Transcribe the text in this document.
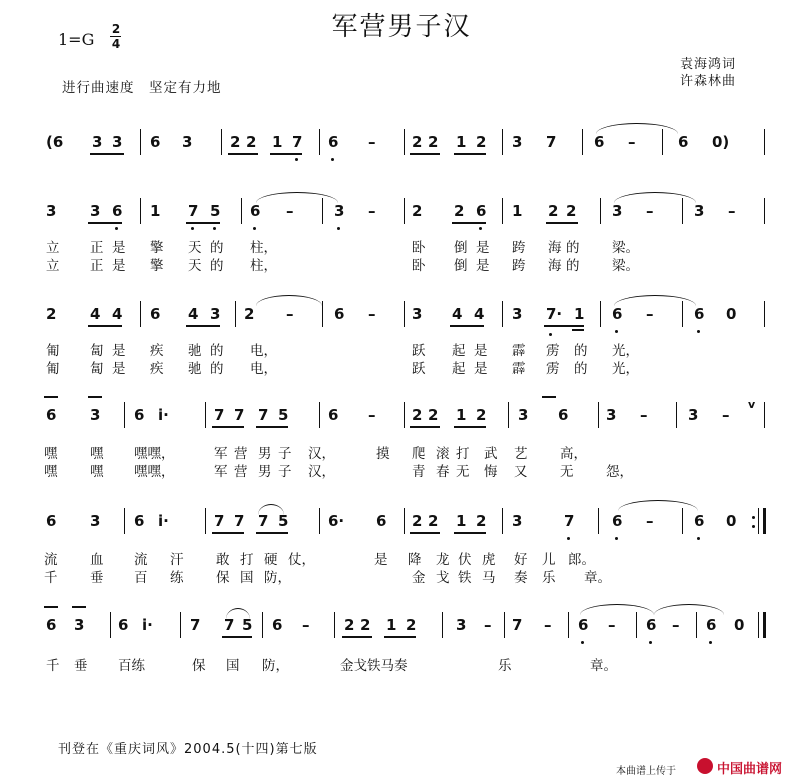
军营男子汉
1=G
2
4
进行曲速度　坚定有力地
袁海鸿词
许森林曲
(6 3 3 6 3	2 2 1 7 6 – 2 2 1 2 3 7	6 –	6 0)
3 3 6 1 7 5 6 –	3 – 2 2 6 1 2 2 3 –	3 –
立 正 是 擎 天 的 柱，	卧 倒 是 跨 海 的 梁。
立 正 是 擎 天 的 柱，	卧 倒 是 跨 海 的 梁。
2 4 4 6 4 3 2 –	6 – 3 4 4 3 7· 1 6 –	6 0
匍 匐 是 疾 驰 的 电，	跃 起 是 霹 雳 的 光，
匍 匐 是 疾 驰 的 电，	跃 起 是 霹 雳 的 光，
v
6 3 6 i·	7 7 7 5	6 – 2 2 1 2 3 6	3 –	3 –
嘿 嘿 嘿嘿，	军 营 男 子 汉，	摸 爬 滚 打 武 艺 高，
嘿 嘿 嘿嘿，	军 营 男 子 汉，	青 春 无 悔 又 无 怨，
6 3 6 i·	7 7 7 5	6· 6 2 2 1 2 3	7	6 –	6 0
流 血 流 汗 敢 打 硬 仗，	是 降 龙 伏 虎 好 儿 郎。
千 垂 百 练 保 国 防，	金 戈 铁 马 奏 乐 章。
6 3 6 i· 7 7 5 6 – 2 2 1 2	3 – 7 – 6 – 6 – 6 0
千 垂 百练	保 国 防，	金戈铁马奏	乐	章。
刊登在《重庆词风》2004.5(十四)第七版
本曲谱上传于	中国曲谱网
